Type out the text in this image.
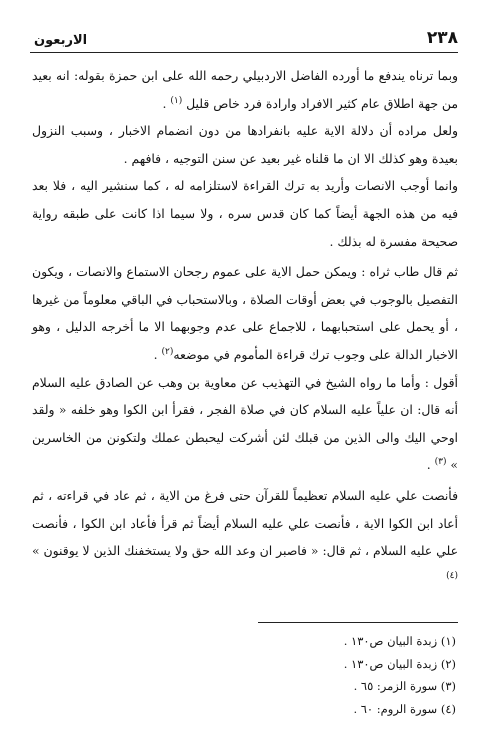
٢٣٨
الاربعون

وبما ترناه يندفع ما أورده الفاضل الاردبيلي رحمه الله على ابن حمزة بقوله: انه بعيد من جهة اطلاق عام كثير الافراد وارادة فرد خاص قليل $^{(١)}$ .

ولعل مراده أن دلالة الاية عليه بانفرادها من دون انضمام الاخبار ، وسبب النزول بعيدة وهو كذلك الا ان ما قلناه غير بعيد عن سنن التوجيه ، فافهم .

وانما أوجب الانصات وأريد به ترك القراءة لاستلزامه له ، كما سنشير اليه ، فلا بعد فيه من هذه الجهة أيضاً كما كان قدس سره ، ولا سيما اذا كانت على طبقه رواية صحيحة مفسرة له بذلك .

ثم قال طاب ثراه : ويمكن حمل الاية على عموم رجحان الاستماع والانصات ، ويكون التفصيل بالوجوب في بعض أوقات الصلاة ، وبالاستحباب في الباقي معلوماً من غيرها ، أو يحمل على استحبابهما ، للاجماع على عدم وجوبهما الا ما أخرجه الدليل ، وهو الاخبار الدالة على وجوب ترك قراءة المأموم في موضعه$^{(٢)}$ .

أقول : وأما ما رواه الشيخ في التهذيب عن معاوية بن وهب عن الصادق عليه السلام أنه قال: ان علياً عليه السلام كان في صلاة الفجر ، فقرأ ابن الكوا وهو خلفه « ولقد اوحي اليك والى الذين من قبلك لئن أشركت ليحبطن عملك ولتكونن من الخاسرين » $^{(٣)}$ .

فأنصت علي عليه السلام تعظيماً للقرآن حتى فرغ من الاية ، ثم عاد في قراءته ، ثم أعاد ابن الكوا الاية ، فأنصت علي عليه السلام أيضاً ثم قرأ فأعاد ابن الكوا ، فأنصت علي عليه السلام ، ثم قال: « فاصبر ان وعد الله حق ولا يستخفنك الذين لا يوقنون » $^{(٤)}$

(١) زبدة البيان ص١٣٠ .
(٢) زبدة البيان ص١٣٠ .
(٣) سورة الزمر: ٦٥ .
(٤) سورة الروم: ٦٠ .
